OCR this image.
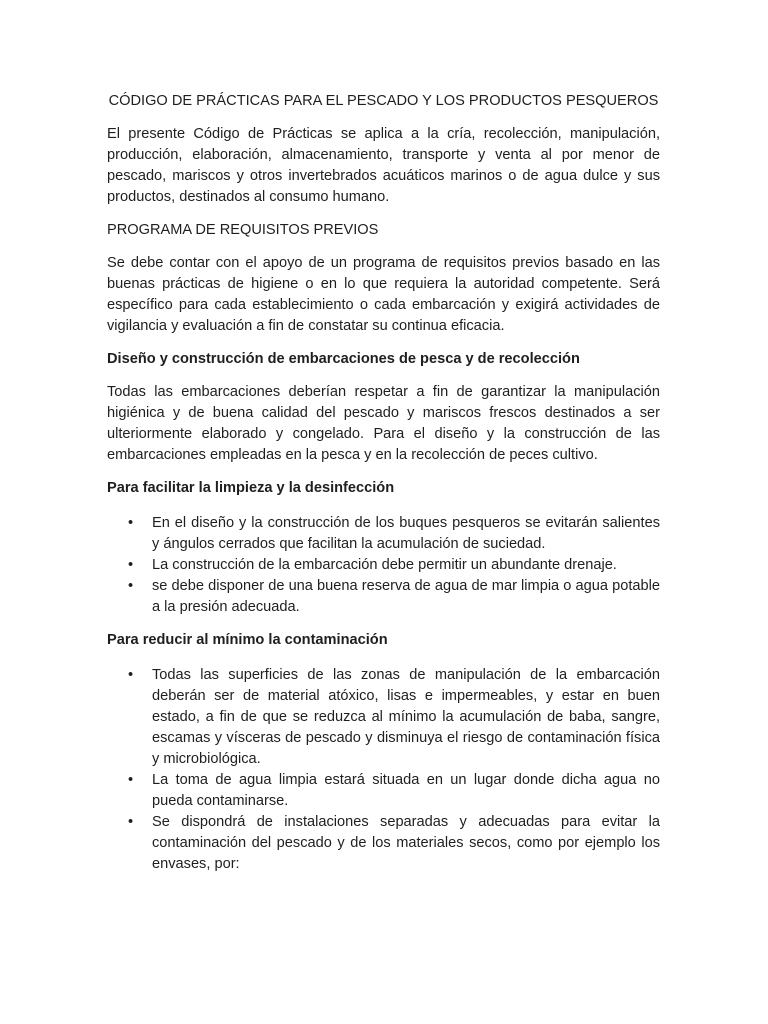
CÓDIGO DE PRÁCTICAS PARA EL PESCADO Y LOS PRODUCTOS PESQUEROS

El presente Código de Prácticas se aplica a la cría, recolección, manipulación, producción, elaboración, almacenamiento, transporte y venta al por menor de pescado, mariscos y otros invertebrados acuáticos marinos o de agua dulce y sus productos, destinados al consumo humano.

PROGRAMA DE REQUISITOS PREVIOS

Se debe contar con el apoyo de un programa de requisitos previos basado en las buenas prácticas de higiene o en lo que requiera la autoridad competente. Será específico para cada establecimiento o cada embarcación y exigirá actividades de vigilancia y evaluación a fin de constatar su continua eficacia.

Diseño y construcción de embarcaciones de pesca y de recolección

Todas las embarcaciones deberían respetar a fin de garantizar la manipulación higiénica y de buena calidad del pescado y mariscos frescos destinados a ser ulteriormente elaborado y congelado. Para el diseño y la construcción de las embarcaciones empleadas en la pesca y en la recolección de peces cultivo.

Para facilitar la limpieza y la desinfección
• En el diseño y la construcción de los buques pesqueros se evitarán salientes y ángulos cerrados que facilitan la acumulación de suciedad.
• La construcción de la embarcación debe permitir un abundante drenaje.
• se debe disponer de una buena reserva de agua de mar limpia o agua potable a la presión adecuada.
Para reducir al mínimo la contaminación
• Todas las superficies de las zonas de manipulación de la embarcación deberán ser de material atóxico, lisas e impermeables, y estar en buen estado, a fin de que se reduzca al mínimo la acumulación de baba, sangre, escamas y vísceras de pescado y disminuya el riesgo de contaminación física y microbiológica.
• La toma de agua limpia estará situada en un lugar donde dicha agua no pueda contaminarse.
• Se dispondrá de instalaciones separadas y adecuadas para evitar la contaminación del pescado y de los materiales secos, como por ejemplo los envases, por:
